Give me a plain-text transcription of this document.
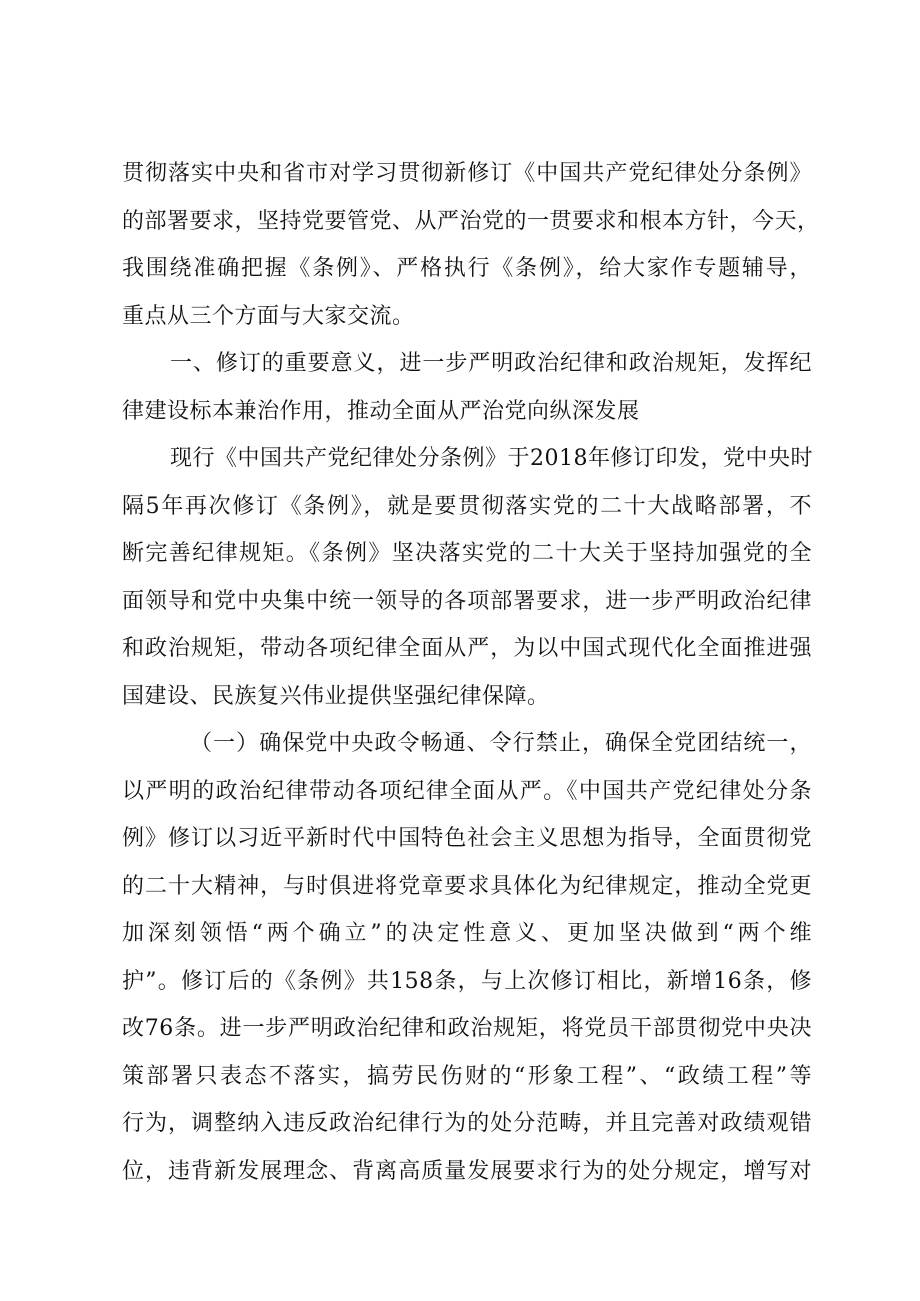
贯彻落实中央和省市对学习贯彻新修订《中国共产党纪律处分条例》
的部署要求，坚持党要管党、从严治党的一贯要求和根本方针，今天，
我围绕准确把握《条例》、严格执行《条例》，给大家作专题辅导，
重点从三个方面与大家交流。
一、修订的重要意义，进一步严明政治纪律和政治规矩，发挥纪
律建设标本兼治作用，推动全面从严治党向纵深发展
现行《中国共产党纪律处分条例》于2018年修订印发，党中央时
隔5年再次修订《条例》，就是要贯彻落实党的二十大战略部署，不
断完善纪律规矩。《条例》坚决落实党的二十大关于坚持加强党的全
面领导和党中央集中统一领导的各项部署要求，进一步严明政治纪律
和政治规矩，带动各项纪律全面从严，为以中国式现代化全面推进强
国建设、民族复兴伟业提供坚强纪律保障。
（一）确保党中央政令畅通、令行禁止，确保全党团结统一，
以严明的政治纪律带动各项纪律全面从严。《中国共产党纪律处分条
例》修订以习近平新时代中国特色社会主义思想为指导，全面贯彻党
的二十大精神，与时俱进将党章要求具体化为纪律规定，推动全党更
加深刻领悟“两个确立”的决定性意义、更加坚决做到“两个维
护”。修订后的《条例》共158条，与上次修订相比，新增16条，修
改76条。进一步严明政治纪律和政治规矩，将党员干部贯彻党中央决
策部署只表态不落实，搞劳民伤财的“形象工程”、“政绩工程”等
行为，调整纳入违反政治纪律行为的处分范畴，并且完善对政绩观错
位，违背新发展理念、背离高质量发展要求行为的处分规定，增写对
